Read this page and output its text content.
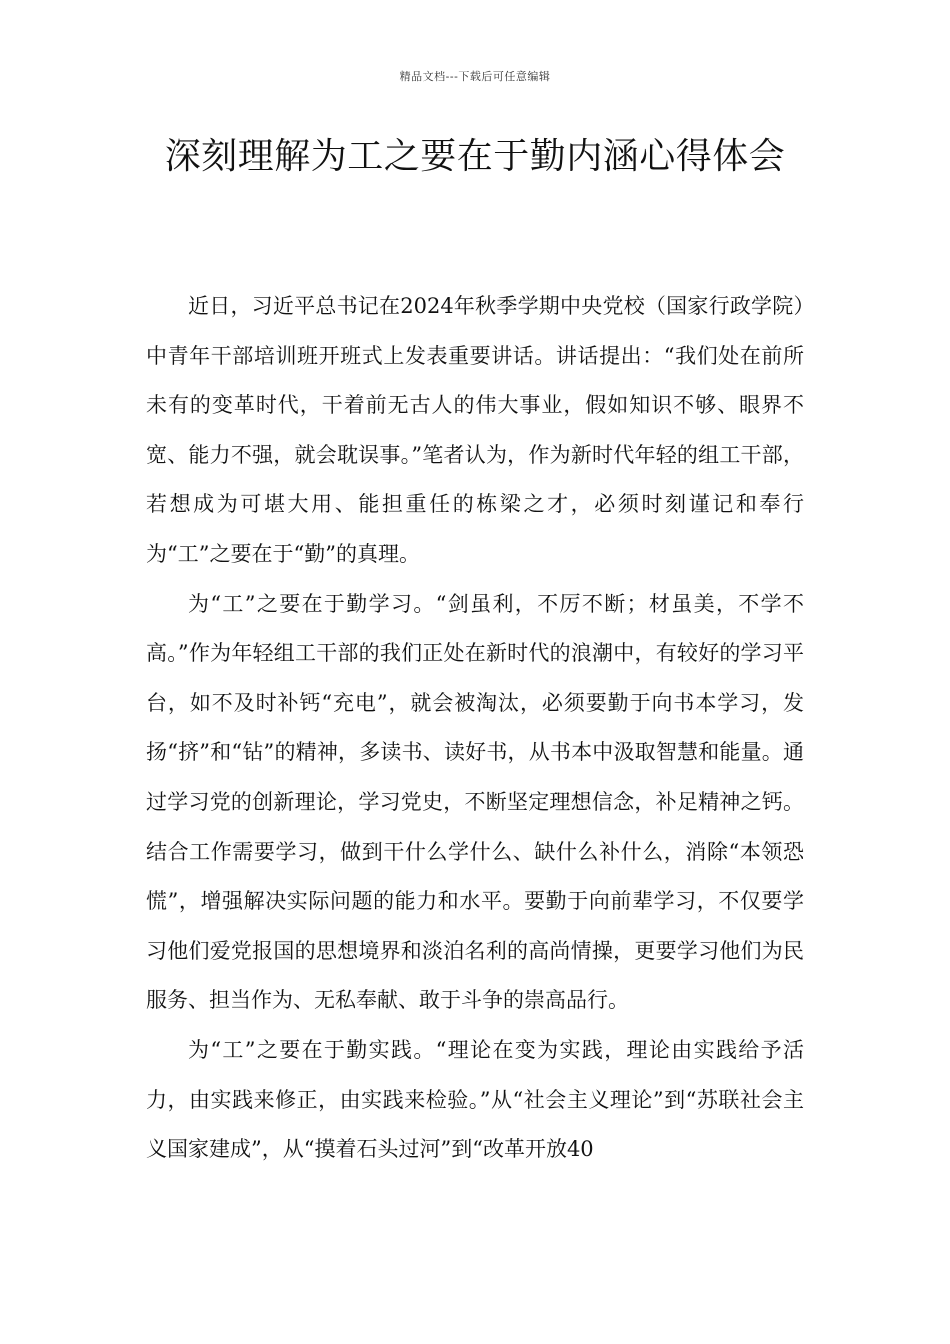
精品文档---下载后可任意编辑
深刻理解为工之要在于勤内涵心得体会

近日，习近平总书记在2024年秋季学期中央党校（国家行政学院）中青年干部培训班开班式上发表重要讲话。讲话提出：“我们处在前所未有的变革时代，干着前无古人的伟大事业，假如知识不够、眼界不宽、能力不强，就会耽误事。”笔者认为，作为新时代年轻的组工干部，若想成为可堪大用、能担重任的栋梁之才，必须时刻谨记和奉行为“工”之要在于“勤”的真理。

为“工”之要在于勤学习。“剑虽利，不厉不断；材虽美，不学不高。”作为年轻组工干部的我们正处在新时代的浪潮中，有较好的学习平台，如不及时补钙“充电”，就会被淘汰，必须要勤于向书本学习，发扬“挤”和“钻”的精神，多读书、读好书，从书本中汲取智慧和能量。通过学习党的创新理论，学习党史，不断坚定理想信念，补足精神之钙。结合工作需要学习，做到干什么学什么、缺什么补什么，消除“本领恐慌”，增强解决实际问题的能力和水平。要勤于向前辈学习，不仅要学习他们爱党报国的思想境界和淡泊名利的高尚情操，更要学习他们为民服务、担当作为、无私奉献、敢于斗争的崇高品行。

为“工”之要在于勤实践。“理论在变为实践，理论由实践给予活力，由实践来修正，由实践来检验。”从“社会主义理论”到“苏联社会主义国家建成”，从“摸着石头过河”到“改革开放40
